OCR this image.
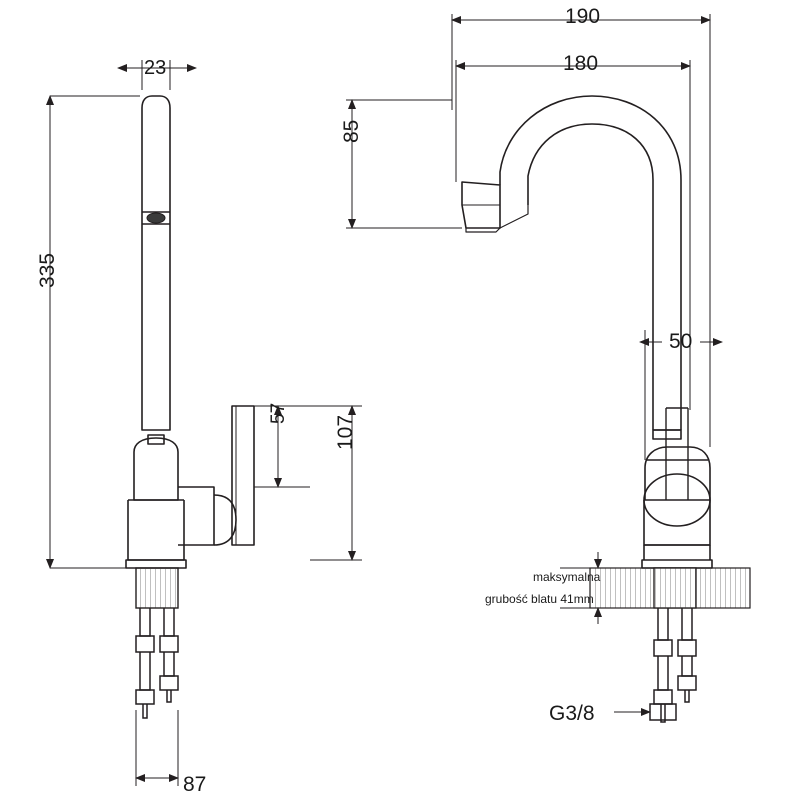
335
23
87
57
107
190
180
85
50
G3/8
maksymalna
grubość blatu 41mm
